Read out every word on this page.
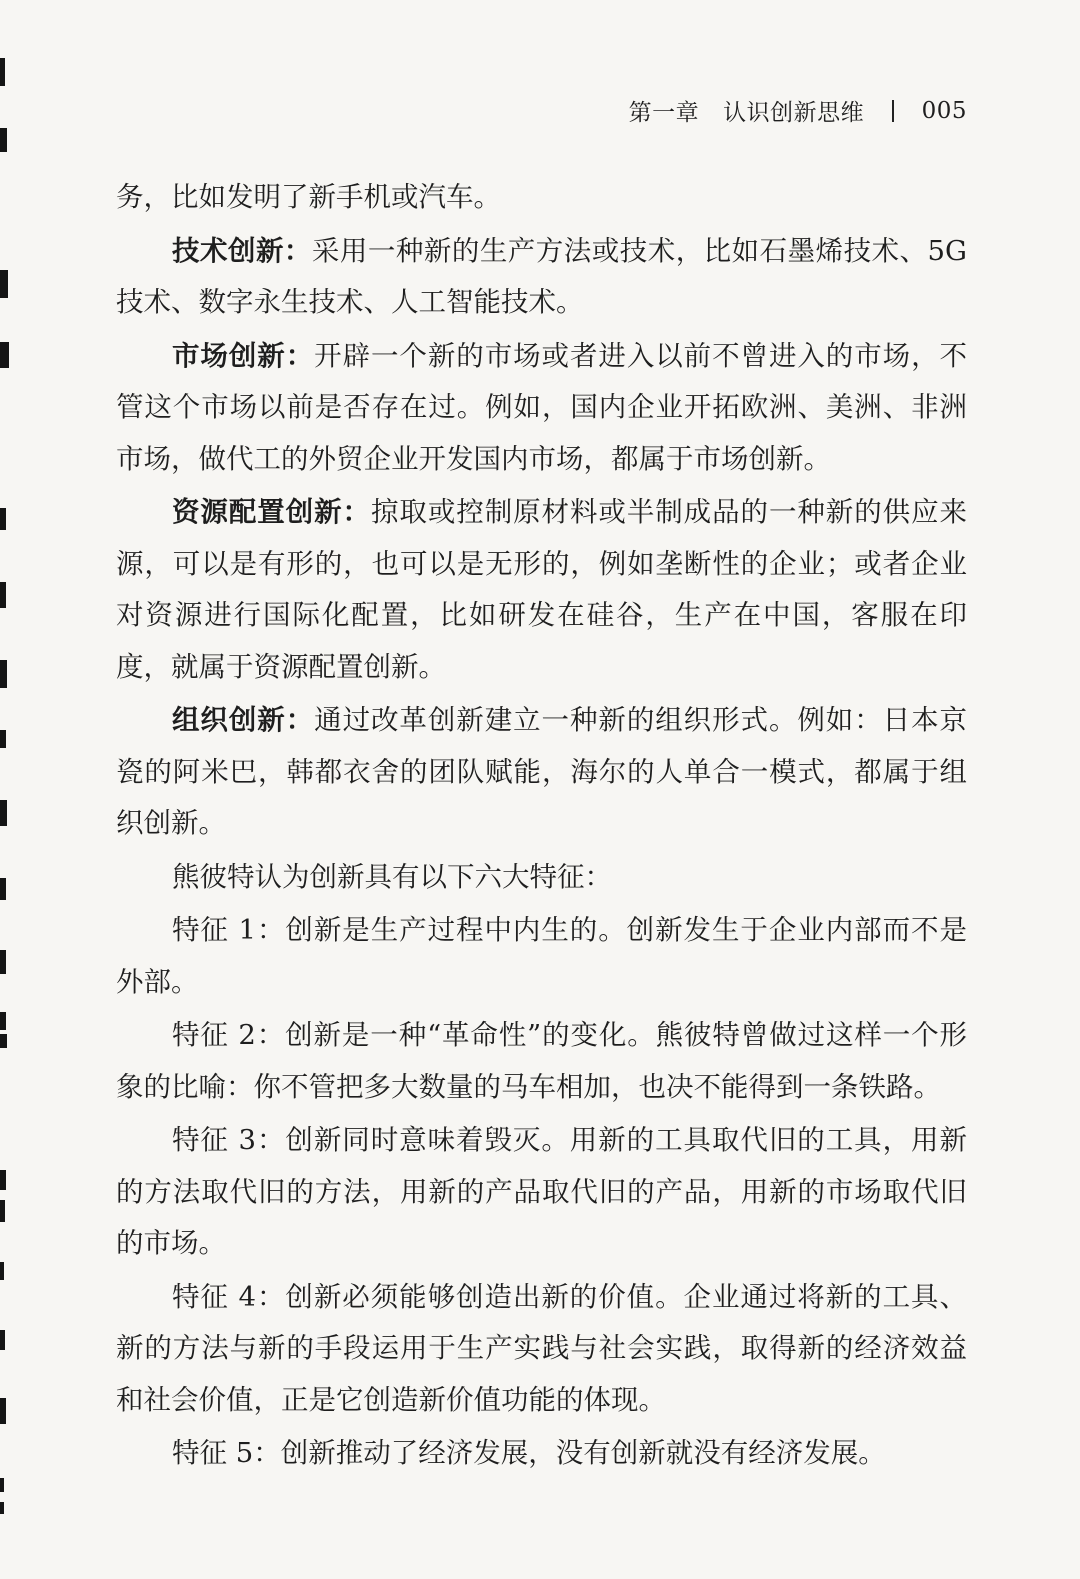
第一章 认识创新思维	005

务，比如发明了新手机或汽车。

技术创新：采用一种新的生产方法或技术，比如石墨烯技术、5G技术、数字永生技术、人工智能技术。

市场创新：开辟一个新的市场或者进入以前不曾进入的市场，不管这个市场以前是否存在过。例如，国内企业开拓欧洲、美洲、非洲市场，做代工的外贸企业开发国内市场，都属于市场创新。

资源配置创新：掠取或控制原材料或半制成品的一种新的供应来源，可以是有形的，也可以是无形的，例如垄断性的企业；或者企业对资源进行国际化配置，比如研发在硅谷，生产在中国，客服在印度，就属于资源配置创新。

组织创新：通过改革创新建立一种新的组织形式。例如：日本京瓷的阿米巴，韩都衣舍的团队赋能，海尔的人单合一模式，都属于组织创新。

熊彼特认为创新具有以下六大特征：

特征 1：创新是生产过程中内生的。创新发生于企业内部而不是外部。

特征 2：创新是一种“革命性”的变化。熊彼特曾做过这样一个形象的比喻：你不管把多大数量的马车相加，也决不能得到一条铁路。

特征 3：创新同时意味着毁灭。用新的工具取代旧的工具，用新的方法取代旧的方法，用新的产品取代旧的产品，用新的市场取代旧的市场。

特征 4：创新必须能够创造出新的价值。企业通过将新的工具、新的方法与新的手段运用于生产实践与社会实践，取得新的经济效益和社会价值，正是它创造新价值功能的体现。

特征 5：创新推动了经济发展，没有创新就没有经济发展。
